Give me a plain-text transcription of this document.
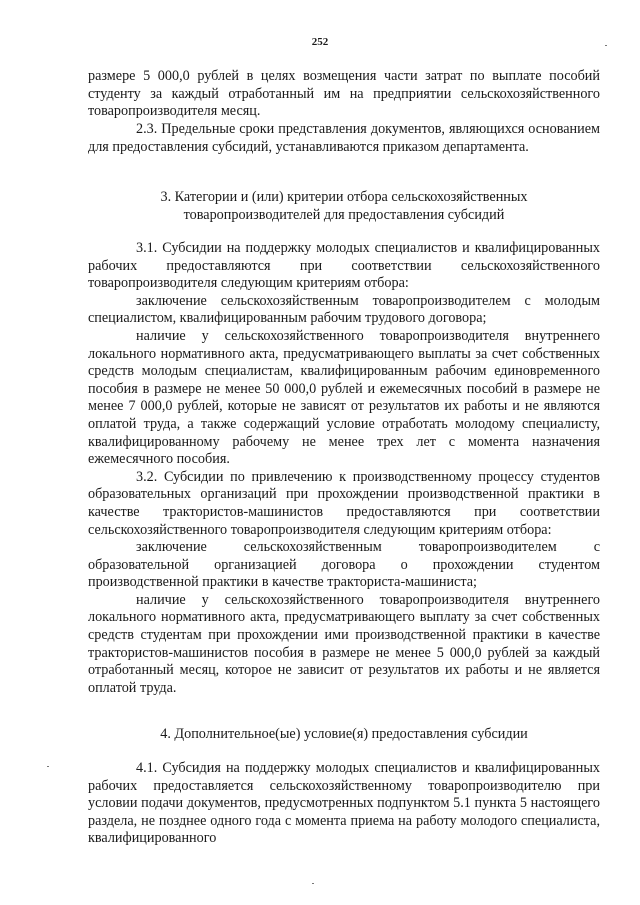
252

размере 5 000,0 рублей в целях возмещения части затрат по выплате пособий студенту за каждый отработанный им на предприятии сельскохозяйственного товаропроизводителя месяц.

2.3. Предельные сроки представления документов, являющихся основанием для предоставления субсидий, устанавливаются приказом департамента.

3. Категории и (или) критерии отбора сельскохозяйственных
товаропроизводителей для предоставления субсидий

3.1. Субсидии на поддержку молодых специалистов и квалифицированных рабочих предоставляются при соответствии сельскохозяйственного товаропроизводителя следующим критериям отбора:

заключение сельскохозяйственным товаропроизводителем с молодым специалистом, квалифицированным рабочим трудового договора;

наличие у сельскохозяйственного товаропроизводителя внутреннего локального нормативного акта, предусматривающего выплаты за счет собственных средств молодым специалистам, квалифицированным рабочим единовременного пособия в размере не менее 50 000,0 рублей и ежемесячных пособий в размере не менее 7 000,0 рублей, которые не зависят от результатов их работы и не являются оплатой труда, а также содержащий условие отработать молодому специалисту, квалифицированному рабочему не менее трех лет с момента назначения ежемесячного пособия.

3.2. Субсидии по привлечению к производственному процессу студентов образовательных организаций при прохождении производственной практики в качестве трактористов-машинистов предоставляются при соответствии сельскохозяйственного товаропроизводителя следующим критериям отбора:

заключение сельскохозяйственным товаропроизводителем с образовательной организацией договора о прохождении студентом производственной практики в качестве тракториста-машиниста;

наличие у сельскохозяйственного товаропроизводителя внутреннего локального нормативного акта, предусматривающего выплату за счет собственных средств студентам при прохождении ими производственной практики в качестве трактористов-машинистов пособия в размере не менее 5 000,0 рублей за каждый отработанный месяц, которое не зависит от результатов их работы и не является оплатой труда.

4. Дополнительное(ые) условие(я) предоставления субсидии

4.1. Субсидия на поддержку молодых специалистов и квалифицированных рабочих предоставляется сельскохозяйственному товаропроизводителю при условии подачи документов, предусмотренных подпунктом 5.1 пункта 5 настоящего раздела, не позднее одного года с момента приема на работу молодого специалиста, квалифицированного
